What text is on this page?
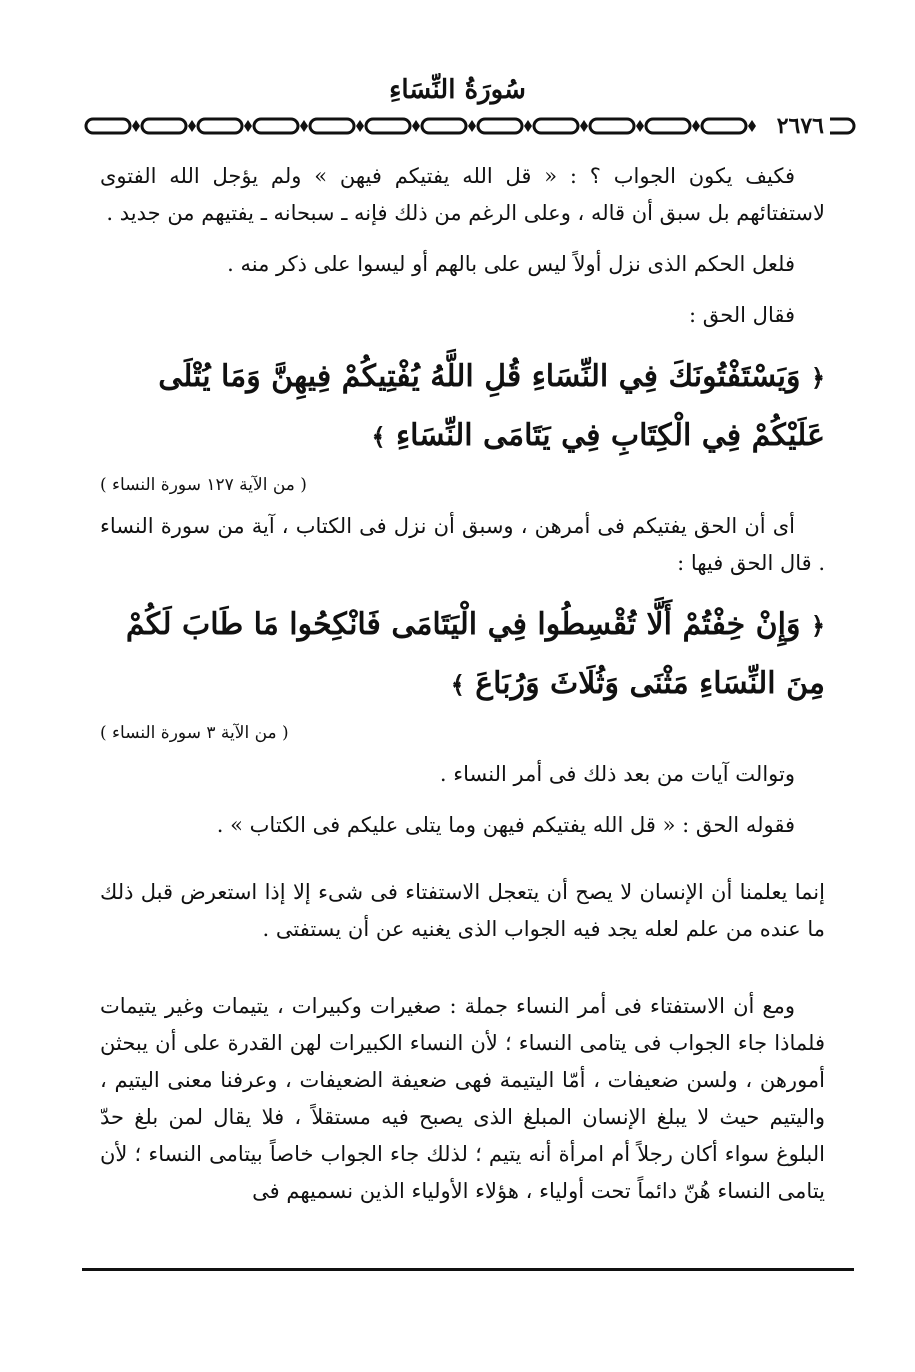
سُورَةُ النِّسَاءِ
٢٦٧٦

فكيف يكون الجواب ؟ : « قل الله يفتيكم فيهن » ولم يؤجل الله الفتوى لاستفتائهم بل سبق أن قاله ، وعلى الرغم من ذلك فإنه ـ سبحانه ـ يفتيهم من جديد .

فلعل الحكم الذى نزل أولاً ليس على بالهم أو ليسوا على ذكر منه .

فقال الحق :

﴿ وَيَسْتَفْتُونَكَ فِي النِّسَاءِ قُلِ اللَّهُ يُفْتِيكُمْ فِيهِنَّ وَمَا يُتْلَى عَلَيْكُمْ فِي الْكِتَابِ فِي يَتَامَى النِّسَاءِ ﴾
( من الآية ١٢٧ سورة النساء )

أى أن الحق يفتيكم فى أمرهن ، وسبق أن نزل فى الكتاب ، آية من سورة النساء . قال الحق فيها :

﴿ وَإِنْ خِفْتُمْ أَلَّا تُقْسِطُوا فِي الْيَتَامَى فَانْكِحُوا مَا طَابَ لَكُمْ مِنَ النِّسَاءِ مَثْنَى وَثُلَاثَ وَرُبَاعَ ﴾
( من الآية ٣ سورة النساء )

وتوالت آيات من بعد ذلك فى أمر النساء .

فقوله الحق : « قل الله يفتيكم فيهن وما يتلى عليكم فى الكتاب » .

إنما يعلمنا أن الإنسان لا يصح أن يتعجل الاستفتاء فى شىء إلا إذا استعرض قبل ذلك ما عنده من علم لعله يجد فيه الجواب الذى يغنيه عن أن يستفتى .

ومع أن الاستفتاء فى أمر النساء جملة : صغيرات وكبيرات ، يتيمات وغير يتيمات فلماذا جاء الجواب فى يتامى النساء ؛ لأن النساء الكبيرات لهن القدرة على أن يبحثن أمورهن ، ولسن ضعيفات ، أمّا اليتيمة فهى ضعيفة الضعيفات ، وعرفنا معنى اليتيم ، واليتيم حيث لا يبلغ الإنسان المبلغ الذى يصبح فيه مستقلاً ، فلا يقال لمن بلغ حدّ البلوغ سواء أكان رجلاً أم امرأة أنه يتيم ؛ لذلك جاء الجواب خاصاً بيتامى النساء ؛ لأن يتامى النساء هُنّ دائماً تحت أولياء ، هؤلاء الأولياء الذين نسميهم فى
